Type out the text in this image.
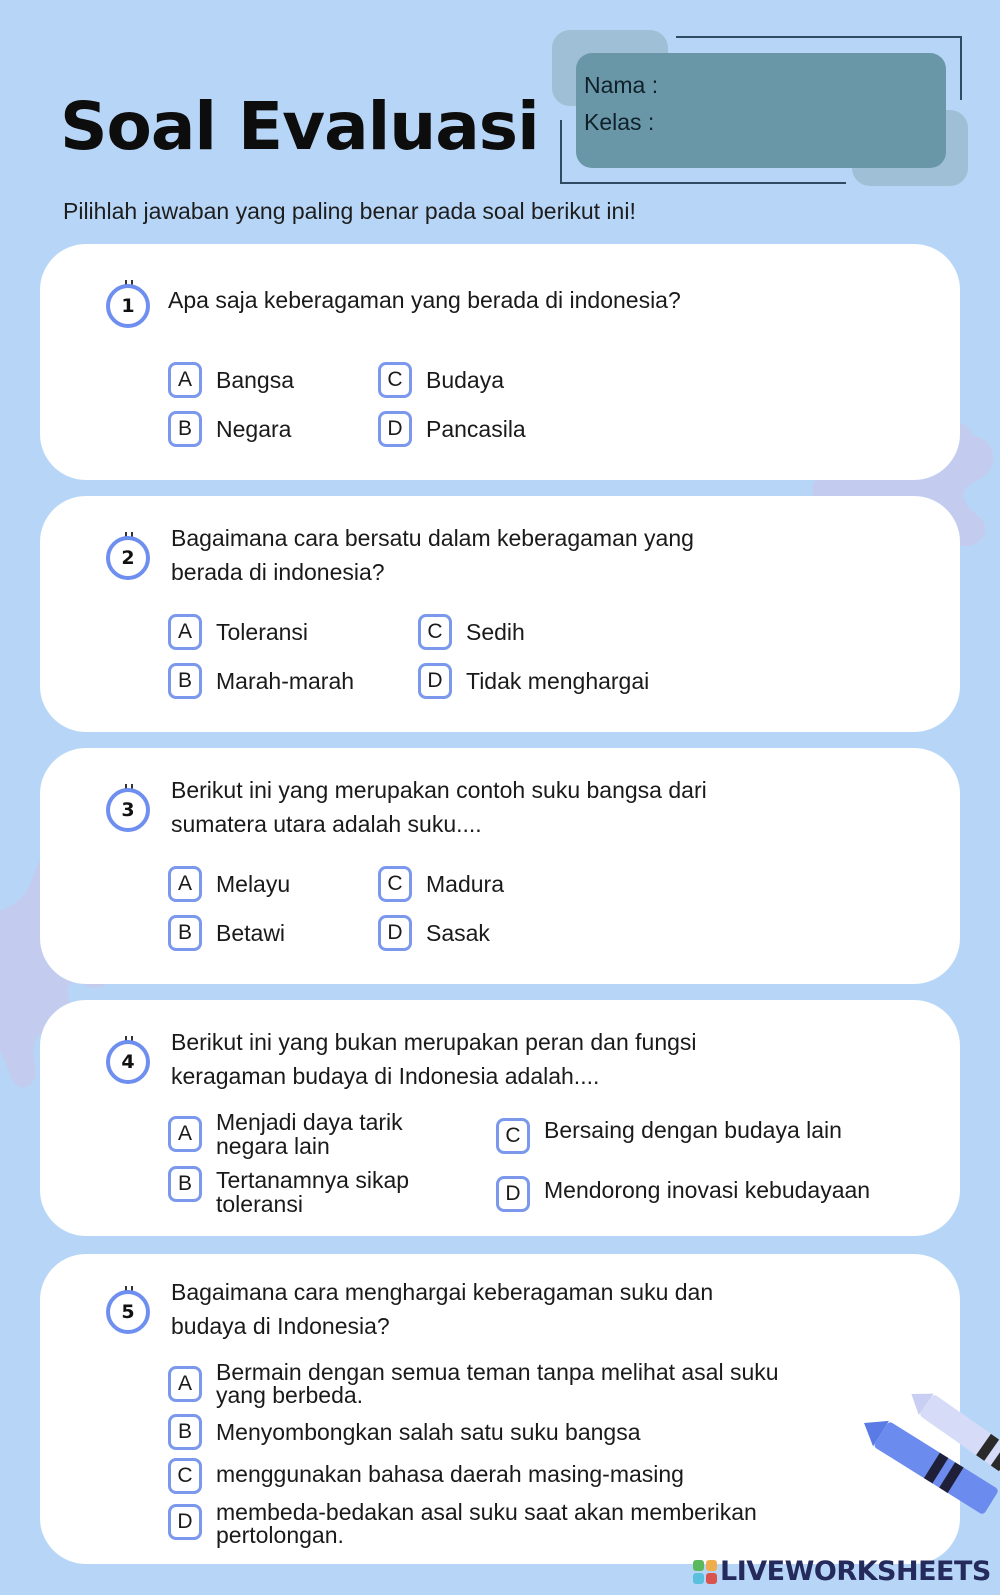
Soal Evaluasi
Nama :
Kelas :
Pilihlah jawaban yang paling benar pada soal berikut ini!
1	Apa saja keberagaman yang berada di indonesia?
A	Bangsa
B	Negara
C	Budaya
D	Pancasila
2
Bagaimana cara bersatu dalam keberagaman yang
berada di indonesia?
A	Toleransi
B	Marah-marah
C	Sedih
D	Tidak menghargai
3
Berikut ini yang merupakan contoh suku bangsa dari
sumatera utara adalah suku....
A	Melayu
B	Betawi
C	Madura
D	Sasak
4
Berikut ini yang bukan merupakan peran dan fungsi
keragaman budaya di Indonesia adalah....
A	Menjadi daya tarik
negara lain
B	Tertanamnya sikap
toleransi
C	Bersaing dengan budaya lain
D	Mendorong inovasi kebudayaan
5
Bagaimana cara menghargai keberagaman suku dan
budaya di Indonesia?
A	Bermain dengan semua teman tanpa melihat asal suku
yang berbeda.
B	Menyombongkan salah satu suku bangsa
C	menggunakan bahasa daerah masing-masing
D	membeda-bedakan asal suku saat akan memberikan
pertolongan.
LIVEWORKSHEETS
